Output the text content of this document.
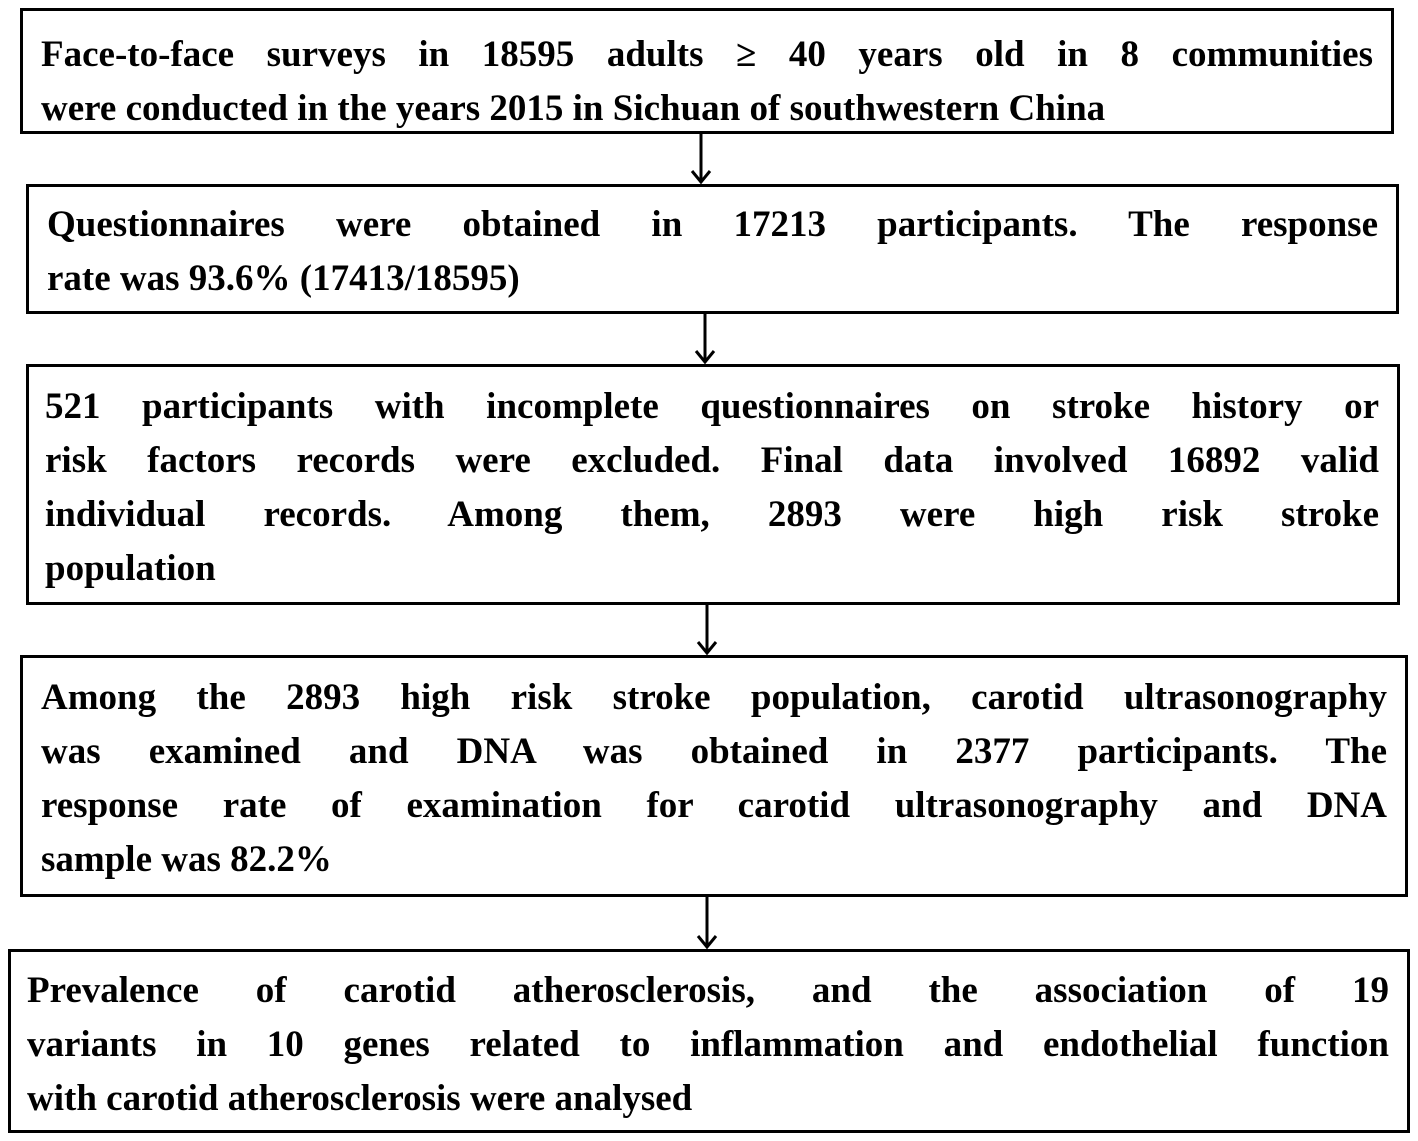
Face-to-face surveys in 18595 adults ≥ 40 years old in 8 communities
were conducted in the years 2015 in Sichuan of southwestern China

Questionnaires were obtained in 17213 participants. The response
rate was 93.6% (17413/18595)

521 participants with incomplete questionnaires on stroke history or
risk factors records were excluded. Final data involved 16892 valid
individual records. Among them, 2893 were high risk stroke
population

Among the 2893 high risk stroke population, carotid ultrasonography
was examined and DNA was obtained in 2377 participants. The
response rate of examination for carotid ultrasonography and DNA
sample was 82.2%

Prevalence of carotid atherosclerosis, and the association of 19
variants in 10 genes related to inflammation and endothelial function
with carotid atherosclerosis were analysed
